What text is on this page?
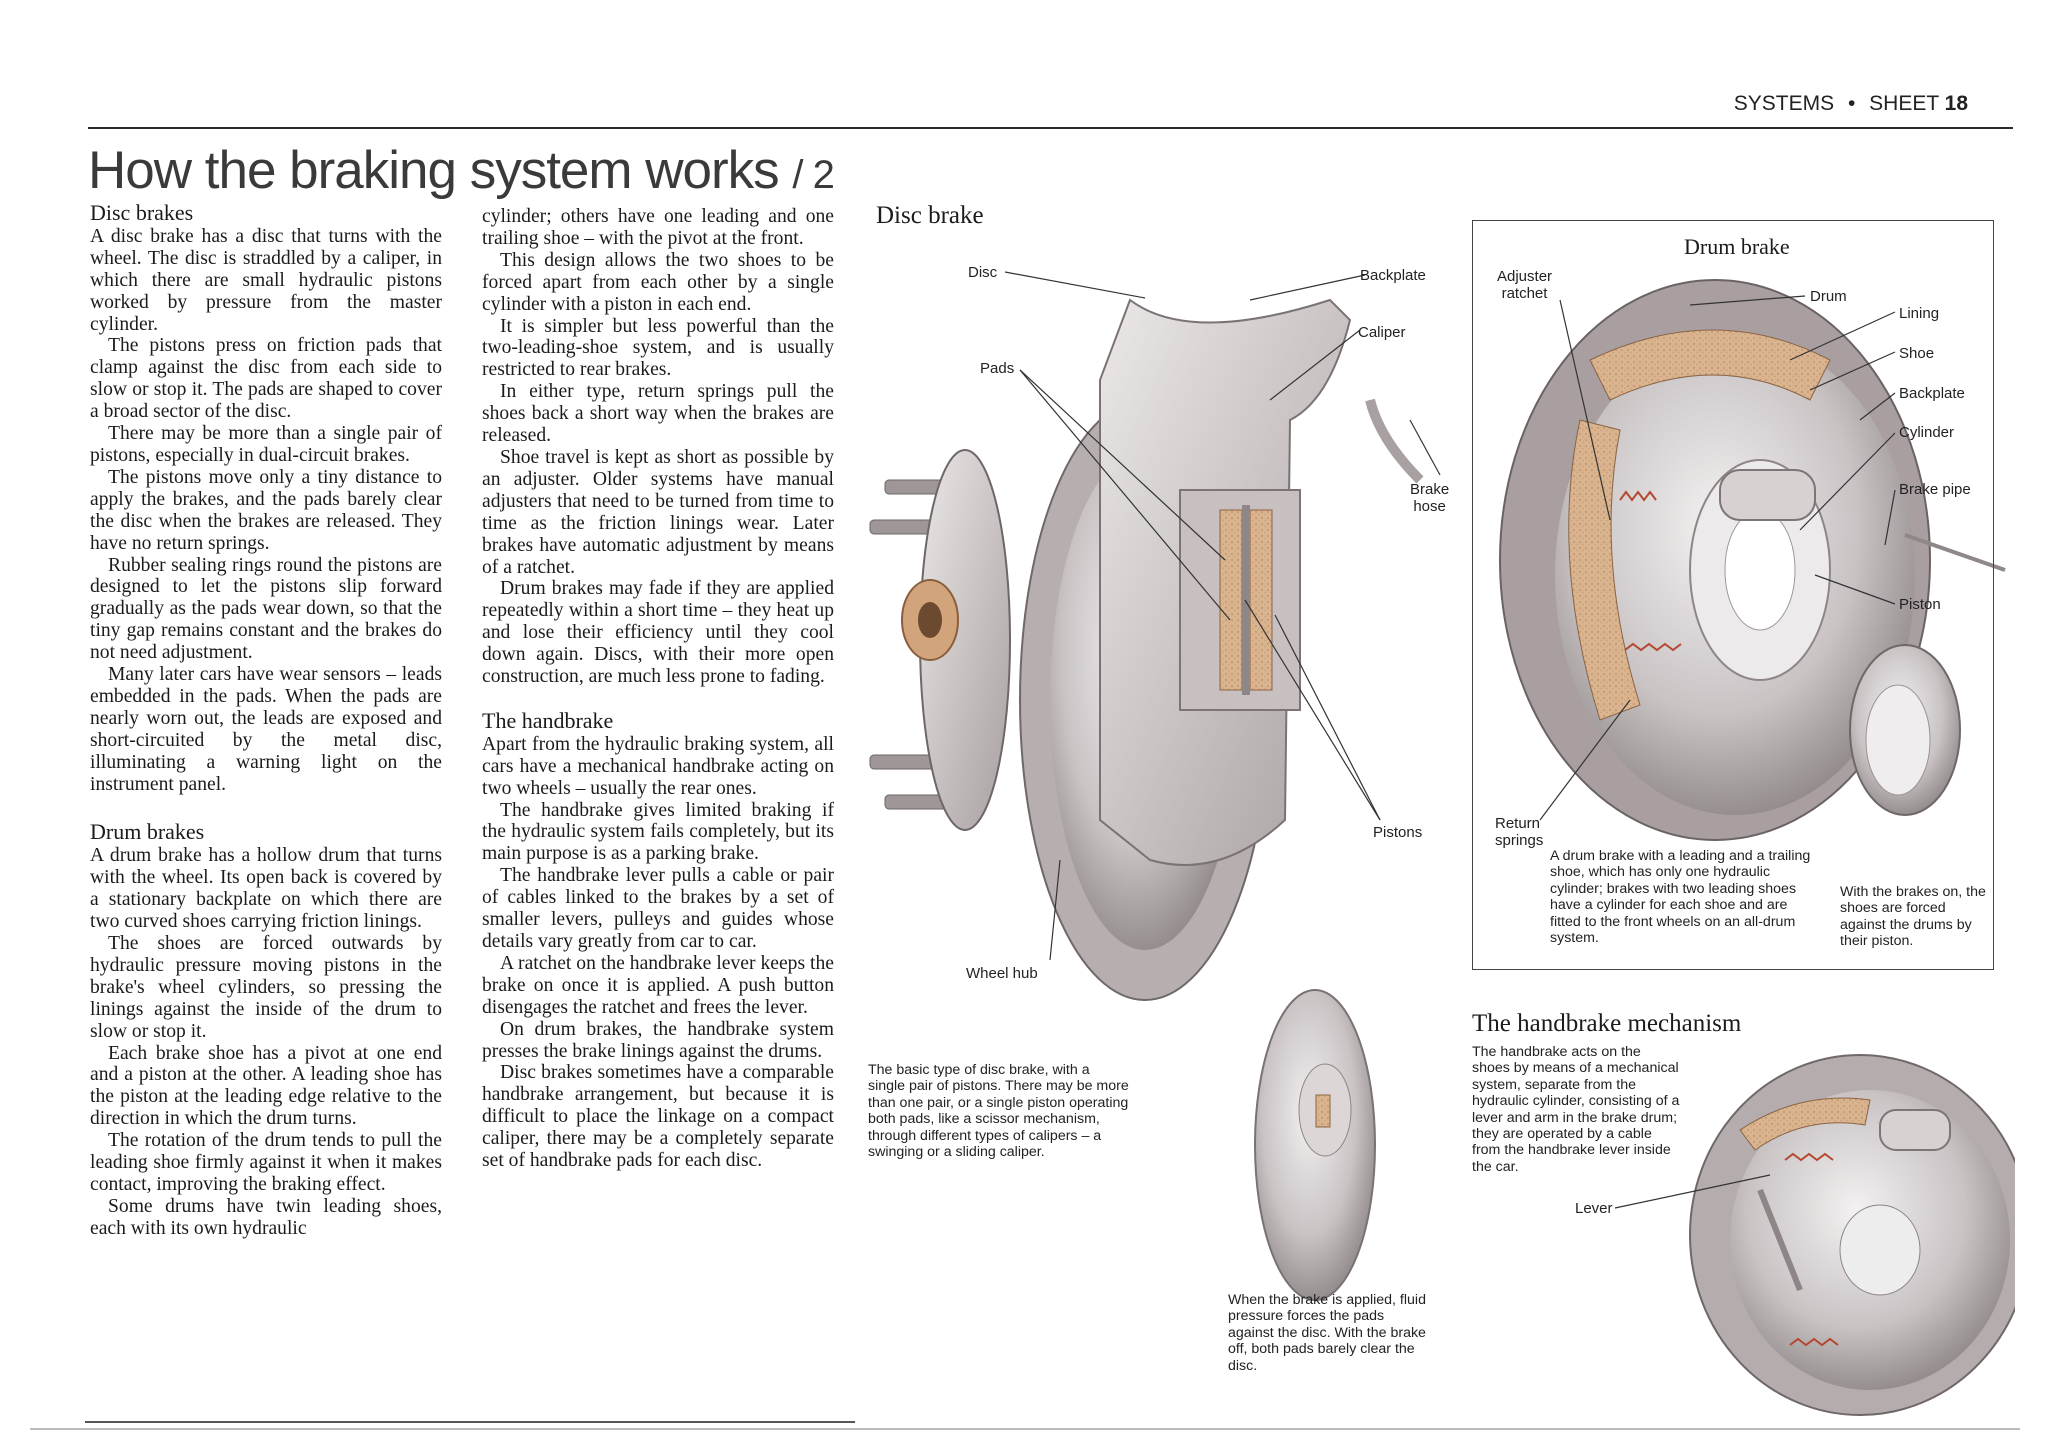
SYSTEMS • SHEET 18
How the braking system works / 2
Disc brakes

A disc brake has a disc that turns with the wheel. The disc is straddled by a caliper, in which there are small hydraulic pistons worked by pressure from the master cylinder.

The pistons press on friction pads that clamp against the disc from each side to slow or stop it. The pads are shaped to cover a broad sector of the disc.

There may be more than a single pair of pistons, especially in dual-circuit brakes.

The pistons move only a tiny distance to apply the brakes, and the pads barely clear the disc when the brakes are released. They have no return springs.

Rubber sealing rings round the pistons are designed to let the pistons slip forward gradually as the pads wear down, so that the tiny gap remains constant and the brakes do not need adjustment.

Many later cars have wear sensors – leads embedded in the pads. When the pads are nearly worn out, the leads are exposed and short-circuited by the metal disc, illuminating a warning light on the instrument panel.

Drum brakes

A drum brake has a hollow drum that turns with the wheel. Its open back is covered by a stationary backplate on which there are two curved shoes carrying friction linings.

The shoes are forced outwards by hydraulic pressure moving pistons in the brake's wheel cylinders, so pressing the linings against the inside of the drum to slow or stop it.

Each brake shoe has a pivot at one end and a piston at the other. A leading shoe has the piston at the leading edge relative to the direction in which the drum turns.

The rotation of the drum tends to pull the leading shoe firmly against it when it makes contact, improving the braking effect.

Some drums have twin leading shoes, each with its own hydraulic

cylinder; others have one leading and one trailing shoe – with the pivot at the front.

This design allows the two shoes to be forced apart from each other by a single cylinder with a piston in each end.

It is simpler but less powerful than the two-leading-shoe system, and is usually restricted to rear brakes.

In either type, return springs pull the shoes back a short way when the brakes are released.

Shoe travel is kept as short as possible by an adjuster. Older systems have manual adjusters that need to be turned from time to time as the friction linings wear. Later brakes have automatic adjustment by means of a ratchet.

Drum brakes may fade if they are applied repeatedly within a short time – they heat up and lose their efficiency until they cool down again. Discs, with their more open construction, are much less prone to fading.

The handbrake

Apart from the hydraulic braking system, all cars have a mechanical handbrake acting on two wheels – usually the rear ones.

The handbrake gives limited braking if the hydraulic system fails completely, but its main purpose is as a parking brake.

The handbrake lever pulls a cable or pair of cables linked to the brakes by a set of smaller levers, pulleys and guides whose details vary greatly from car to car.

A ratchet on the handbrake lever keeps the brake on once it is applied. A push button disengages the ratchet and frees the lever.

On drum brakes, the handbrake system presses the brake linings against the drums.

Disc brakes sometimes have a comparable handbrake arrangement, but because it is difficult to place the linkage on a compact caliper, there may be a completely separate set of handbrake pads for each disc.

Disc brake
Disc
Pads
Backplate
Caliper
Brake
hose
Pistons
Wheel hub
The basic type of disc brake, with a single pair of pistons. There may be more than one pair, or a single piston operating both pads, like a scissor mechanism, through different types of calipers – a swinging or a sliding caliper.
When the brake is applied, fluid pressure forces the pads against the disc. With the brake off, both pads barely clear the disc.
Drum brake
Adjuster
ratchet	Drum
Lining
Shoe
Backplate
Cylinder
Brake pipe
Piston
Return
springs
A drum brake with a leading and a trailing shoe, which has only one hydraulic cylinder; brakes with two leading shoes have a cylinder for each shoe and are fitted to the front wheels on an all-drum system.
With the brakes on, the shoes are forced against the drums by their piston.
The handbrake mechanism
The handbrake acts on the shoes by means of a mechanical system, separate from the hydraulic cylinder, consisting of a lever and arm in the brake drum; they are operated by a cable from the handbrake lever inside the car.
Lever
